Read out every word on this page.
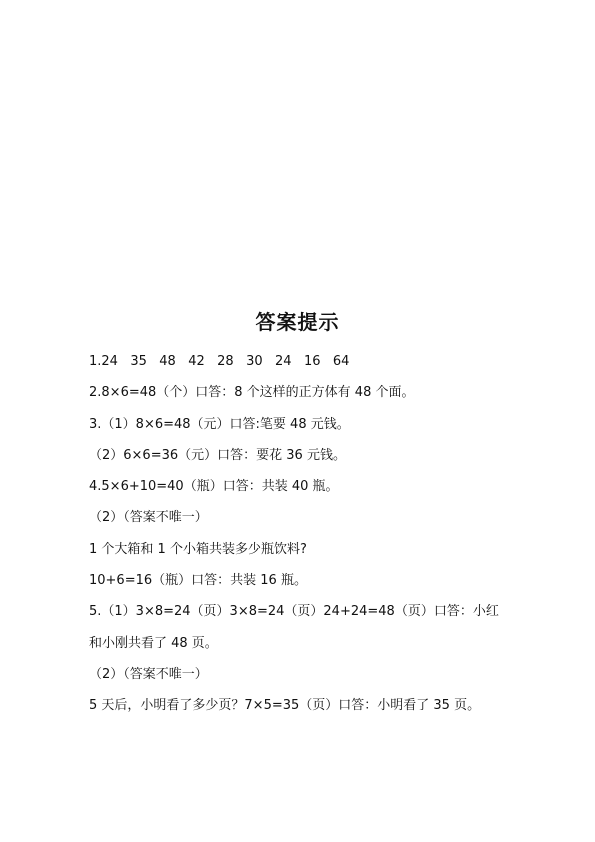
答案提示
1.24   35   48   42   28   30   24   16   64
2.8×6=48（个）口答：8 个这样的正方体有 48 个面。
3.（1）8×6=48（元）口答:笔要 48 元钱。
（2）6×6=36（元）口答：要花 36 元钱。
4.5×6+10=40（瓶）口答：共装 40 瓶。
（2）（答案不唯一）
1 个大箱和 1 个小箱共装多少瓶饮料?
10+6=16（瓶）口答：共装 16 瓶。
5.（1）3×8=24（页）3×8=24（页）24+24=48（页）口答：小红
和小刚共看了 48 页。
（2）（答案不唯一）
5 天后，小明看了多少页？7×5=35（页）口答：小明看了 35 页。
